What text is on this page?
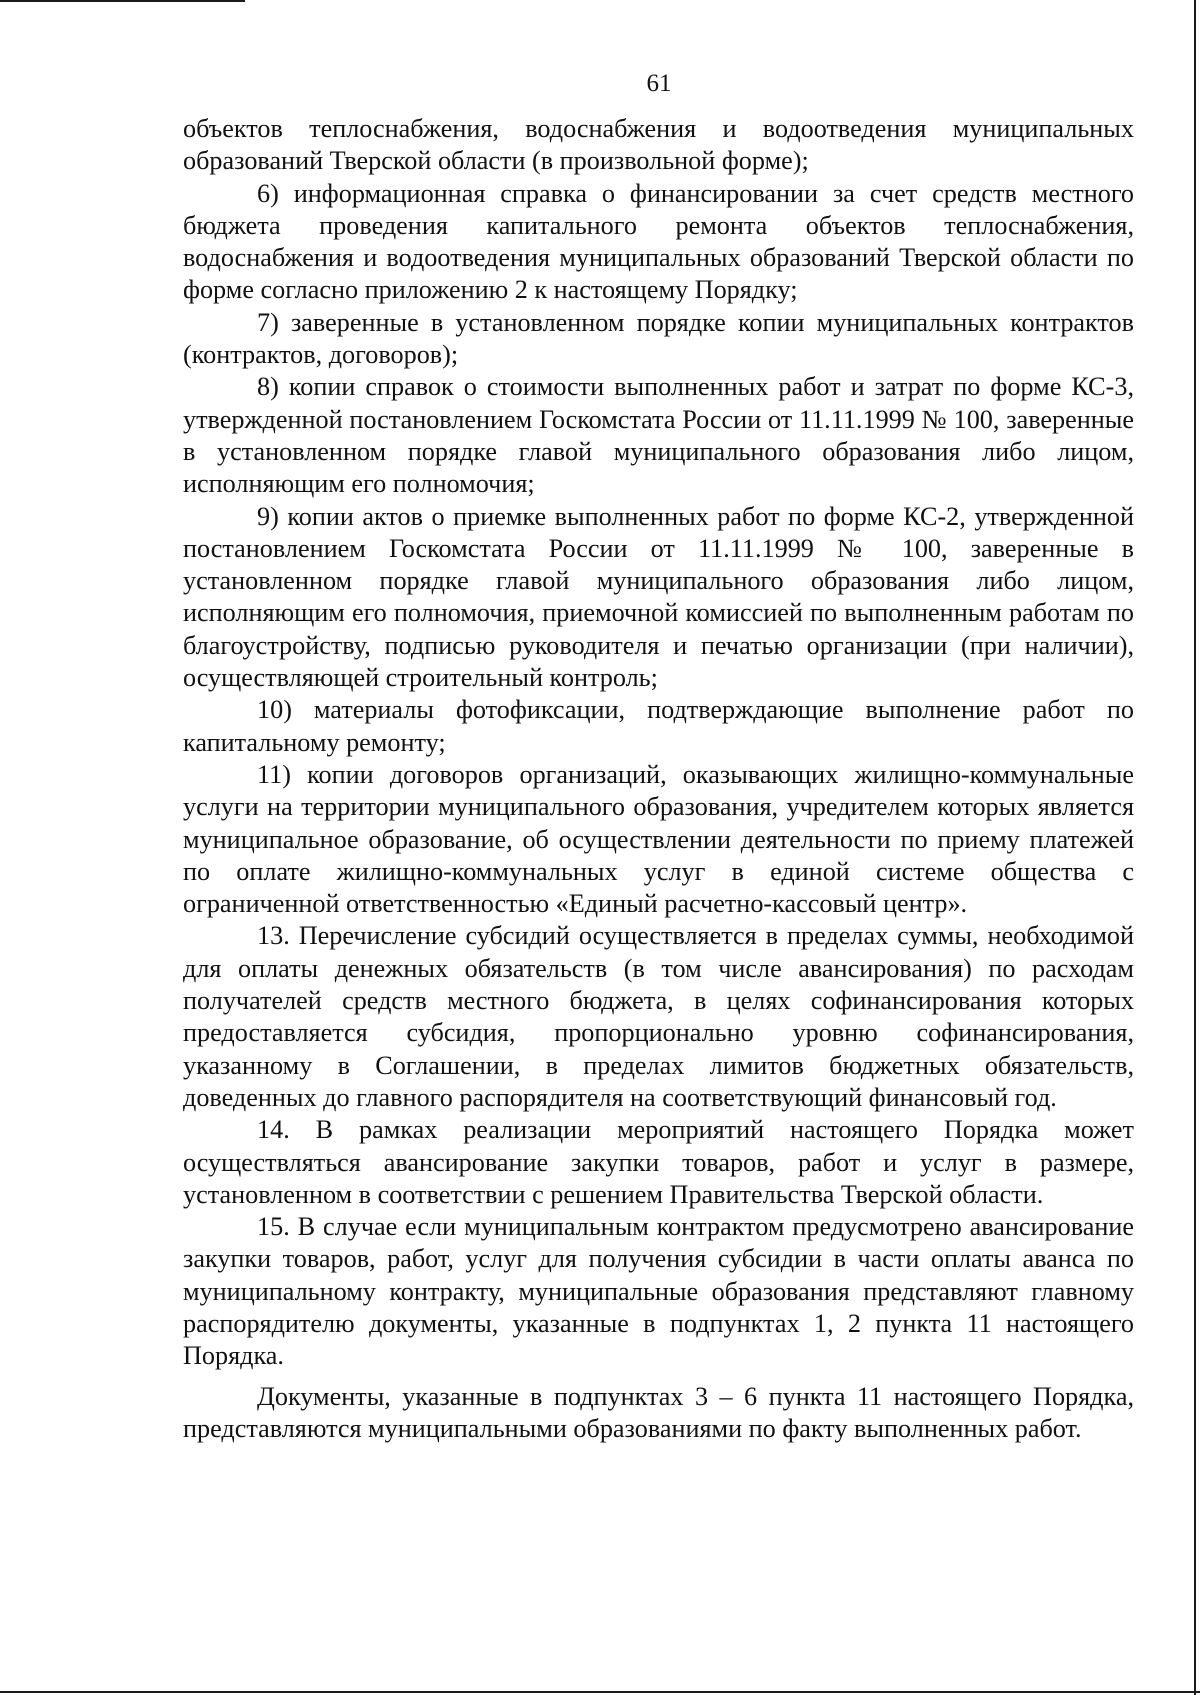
61

объектов теплоснабжения, водоснабжения и водоотведения муниципальных образований Тверской области (в произвольной форме);

6) информационная справка о финансировании за счет средств местного бюджета проведения капитального ремонта объектов теплоснабжения, водоснабжения и водоотведения муниципальных образований Тверской области по форме согласно приложению 2 к настоящему Порядку;

7) заверенные в установленном порядке копии муниципальных контрактов (контрактов, договоров);

8) копии справок о стоимости выполненных работ и затрат по форме КС-3, утвержденной постановлением Госкомстата России от 11.11.1999 № 100, заверенные в установленном порядке главой муниципального образования либо лицом, исполняющим его полномочия;

9) копии актов о приемке выполненных работ по форме КС-2, утвержденной постановлением Госкомстата России от 11.11.1999 № 100, заверенные в установленном порядке главой муниципального образования либо лицом, исполняющим его полномочия, приемочной комиссией по выполненным работам по благоустройству, подписью руководителя и печатью организации (при наличии), осуществляющей строительный контроль;

10) материалы фотофиксации, подтверждающие выполнение работ по капитальному ремонту;

11) копии договоров организаций, оказывающих жилищно-коммунальные услуги на территории муниципального образования, учредителем которых является муниципальное образование, об осуществлении деятельности по приему платежей по оплате жилищно-коммунальных услуг в единой системе общества с ограниченной ответственностью «Единый расчетно-кассовый центр».

13. Перечисление субсидий осуществляется в пределах суммы, необходимой для оплаты денежных обязательств (в том числе авансирования) по расходам получателей средств местного бюджета, в целях софинансирования которых предоставляется субсидия, пропорционально уровню софинансирования, указанному в Соглашении, в пределах лимитов бюджетных обязательств, доведенных до главного распорядителя на соответствующий финансовый год.

14. В рамках реализации мероприятий настоящего Порядка может осуществляться авансирование закупки товаров, работ и услуг в размере, установленном в соответствии с решением Правительства Тверской области.

15. В случае если муниципальным контрактом предусмотрено авансирование закупки товаров, работ, услуг для получения субсидии в части оплаты аванса по муниципальному контракту, муниципальные образования представляют главному распорядителю документы, указанные в подпунктах 1, 2 пункта 11 настоящего Порядка.

Документы, указанные в подпунктах 3 – 6 пункта 11 настоящего Порядка, представляются муниципальными образованиями по факту выполненных работ.
